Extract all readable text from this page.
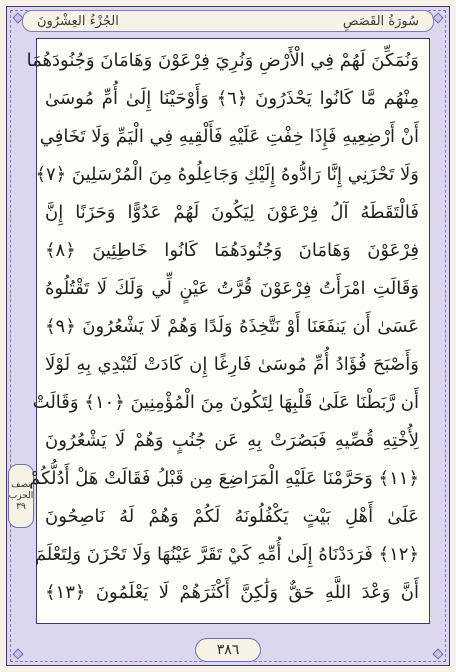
الجُزْءُ العِشْرُونَ	سُورَةُ القَصَصِ
نصف
الحزب
٣٩
وَنُمَكِّنَ لَهُمْ فِي الْأَرْضِ وَنُرِيَ فِرْعَوْنَ وَهَامَانَ وَجُنُودَهُمَا
مِنْهُم مَّا كَانُوا يَحْذَرُونَ ﴿٦﴾ وَأَوْحَيْنَا إِلَىٰ أُمِّ مُوسَىٰ
أَنْ أَرْضِعِيهِ فَإِذَا خِفْتِ عَلَيْهِ فَأَلْقِيهِ فِي الْيَمِّ وَلَا تَخَافِي
وَلَا تَحْزَنِي إِنَّا رَادُّوهُ إِلَيْكِ وَجَاعِلُوهُ مِنَ الْمُرْسَلِينَ ﴿٧﴾
فَالْتَقَطَهُ آلُ فِرْعَوْنَ لِيَكُونَ لَهُمْ عَدُوًّا وَحَزَنًا إِنَّ
فِرْعَوْنَ وَهَامَانَ وَجُنُودَهُمَا كَانُوا خَاطِئِينَ ﴿٨﴾
وَقَالَتِ امْرَأَتُ فِرْعَوْنَ قُرَّتُ عَيْنٍ لِّي وَلَكَ لَا تَقْتُلُوهُ
عَسَىٰ أَن يَنفَعَنَا أَوْ نَتَّخِذَهُ وَلَدًا وَهُمْ لَا يَشْعُرُونَ ﴿٩﴾
وَأَصْبَحَ فُؤَادُ أُمِّ مُوسَىٰ فَارِغًا إِن كَادَتْ لَتُبْدِي بِهِ لَوْلَا
أَن رَّبَطْنَا عَلَىٰ قَلْبِهَا لِتَكُونَ مِنَ الْمُؤْمِنِينَ ﴿١٠﴾ وَقَالَتْ
لِأُخْتِهِ قُصِّيهِ فَبَصُرَتْ بِهِ عَن جُنُبٍ وَهُمْ لَا يَشْعُرُونَ
﴿١١﴾ وَحَرَّمْنَا عَلَيْهِ الْمَرَاضِعَ مِن قَبْلُ فَقَالَتْ هَلْ أَدُلُّكُمْ
عَلَىٰ أَهْلِ بَيْتٍ يَكْفُلُونَهُ لَكُمْ وَهُمْ لَهُ نَاصِحُونَ
﴿١٢﴾ فَرَدَدْنَاهُ إِلَىٰ أُمِّهِ كَيْ تَقَرَّ عَيْنُهَا وَلَا تَحْزَنَ وَلِتَعْلَمَ
أَنَّ وَعْدَ اللَّهِ حَقٌّ وَلَٰكِنَّ أَكْثَرَهُمْ لَا يَعْلَمُونَ ﴿١٣﴾
٣٨٦
